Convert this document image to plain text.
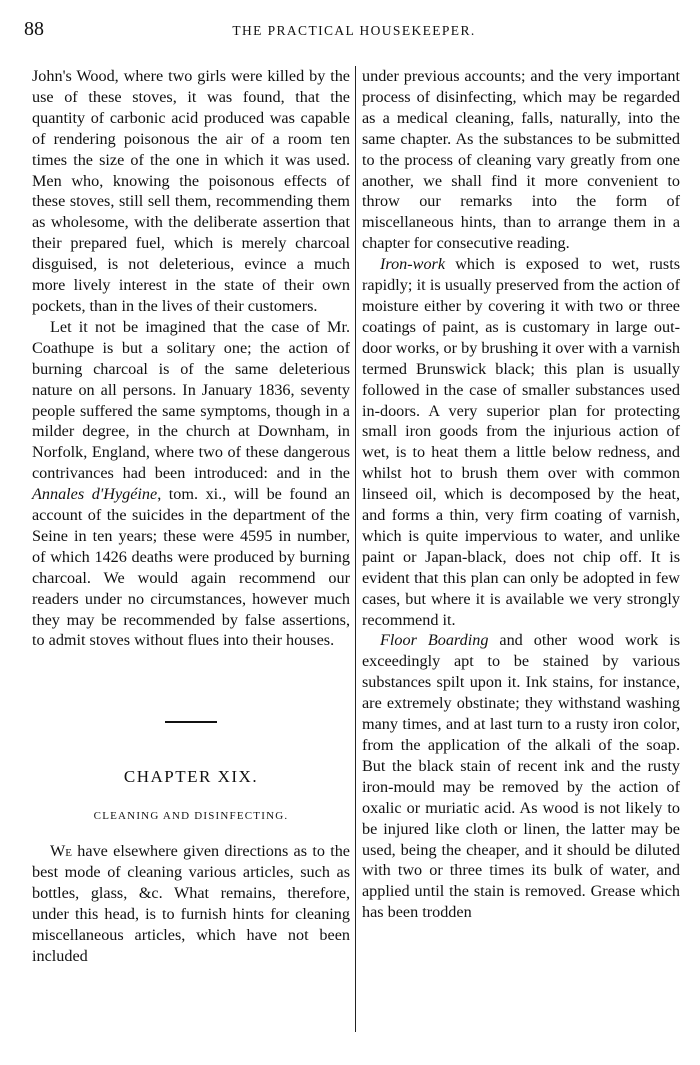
88	THE PRACTICAL HOUSEKEEPER.

John's Wood, where two girls were killed by the use of these stoves, it was found, that the quantity of carbonic acid produced was capable of rendering poisonous the air of a room ten times the size of the one in which it was used. Men who, knowing the poisonous effects of these stoves, still sell them, recommending them as wholesome, with the deliberate assertion that their prepared fuel, which is merely charcoal disguised, is not deleterious, evince a much more lively interest in the state of their own pockets, than in the lives of their customers.

Let it not be imagined that the case of Mr. Coathupe is but a solitary one; the action of burning charcoal is of the same deleterious nature on all persons. In January 1836, seventy people suffered the same symptoms, though in a milder degree, in the church at Downham, in Norfolk, England, where two of these dangerous contrivances had been introduced: and in the Annales d'Hygéine, tom. xi., will be found an account of the suicides in the department of the Seine in ten years; these were 4595 in number, of which 1426 deaths were produced by burning charcoal. We would again recommend our readers under no circumstances, however much they may be recommended by false assertions, to admit stoves without flues into their houses.

CHAPTER XIX.
CLEANING AND DISINFECTING.

We have elsewhere given directions as to the best mode of cleaning various articles, such as bottles, glass, &c. What remains, therefore, under this head, is to furnish hints for cleaning miscellaneous articles, which have not been included

under previous accounts; and the very important process of disinfecting, which may be regarded as a medical cleaning, falls, naturally, into the same chapter. As the substances to be submitted to the process of cleaning vary greatly from one another, we shall find it more convenient to throw our remarks into the form of miscellaneous hints, than to arrange them in a chapter for consecutive reading.

Iron-work which is exposed to wet, rusts rapidly; it is usually preserved from the action of moisture either by covering it with two or three coatings of paint, as is customary in large out-door works, or by brushing it over with a varnish termed Brunswick black; this plan is usually followed in the case of smaller substances used in-doors. A very superior plan for protecting small iron goods from the injurious action of wet, is to heat them a little below redness, and whilst hot to brush them over with common linseed oil, which is decomposed by the heat, and forms a thin, very firm coating of varnish, which is quite impervious to water, and unlike paint or Japan-black, does not chip off. It is evident that this plan can only be adopted in few cases, but where it is available we very strongly recommend it.

Floor Boarding and other wood work is exceedingly apt to be stained by various substances spilt upon it. Ink stains, for instance, are extremely obstinate; they withstand washing many times, and at last turn to a rusty iron color, from the application of the alkali of the soap. But the black stain of recent ink and the rusty iron-mould may be removed by the action of oxalic or muriatic acid. As wood is not likely to be injured like cloth or linen, the latter may be used, being the cheaper, and it should be diluted with two or three times its bulk of water, and applied until the stain is removed. Grease which has been trodden
